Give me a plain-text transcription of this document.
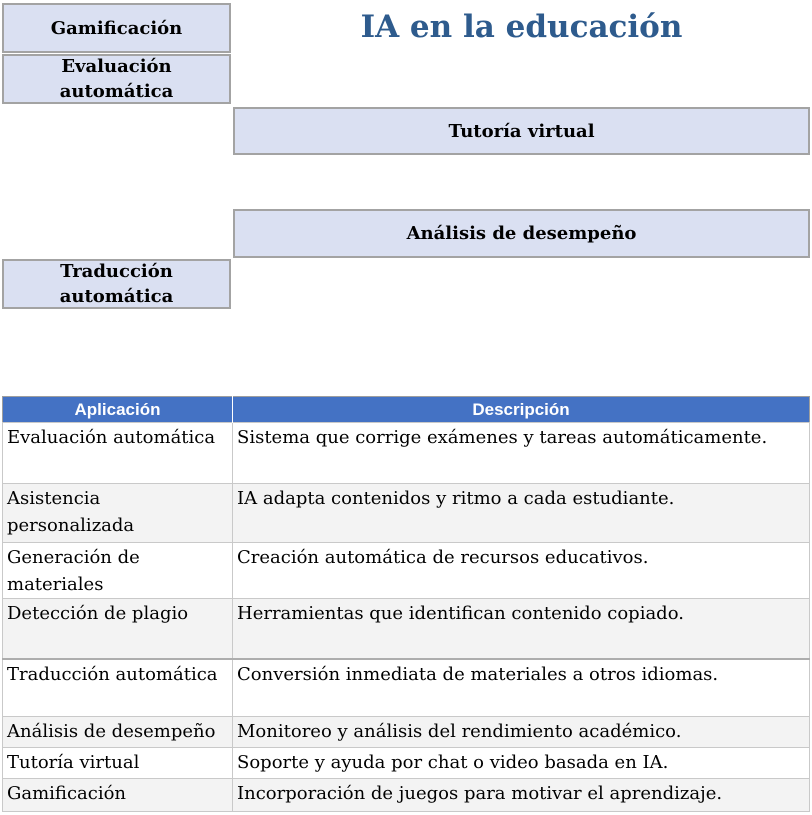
IA en la educación
Gamificación
Evaluación automática
Tutoría virtual
Análisis de desempeño
Traducción automática
Aplicación	Descripción
Evaluación automática	Sistema que corrige exámenes y tareas automáticamente.
Asistencia personalizada	IA adapta contenidos y ritmo a cada estudiante.
Generación de materiales	Creación automática de recursos educativos.
Detección de plagio	Herramientas que identifican contenido copiado.
Traducción automática	Conversión inmediata de materiales a otros idiomas.
Análisis de desempeño	Monitoreo y análisis del rendimiento académico.
Tutoría virtual	Soporte y ayuda por chat o video basada en IA.
Gamificación	Incorporación de juegos para motivar el aprendizaje.
